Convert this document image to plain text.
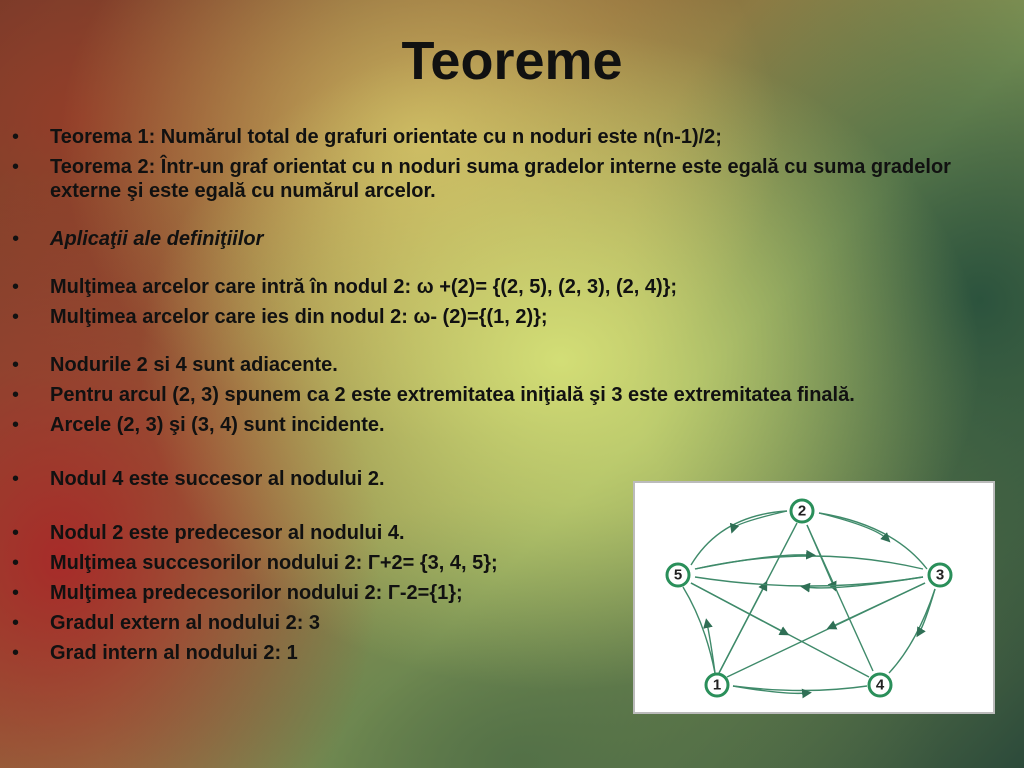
Teoreme
• Teorema 1: Numărul total de grafuri orientate cu n noduri este n(n-1)/2;
• Teorema 2: Într-un graf orientat cu n noduri suma gradelor interne este egală cu suma gradelor externe şi este egală cu numărul arcelor.
• Aplicaţii ale definiţiilor
• Mulţimea arcelor care intră în nodul 2: ω +(2)= {(2, 5), (2, 3), (2, 4)};
• Mulţimea arcelor care ies din nodul 2: ω- (2)={(1, 2)};
• Nodurile 2 si 4 sunt adiacente.
• Pentru arcul (2, 3) spunem ca 2 este extremitatea iniţială şi 3 este extremitatea finală.
• Arcele (2, 3) şi (3, 4) sunt incidente.
• Nodul 4 este succesor al nodului 2.
• Nodul 2 este predecesor al nodului 4.
• Mulţimea succesorilor nodului 2: Γ+2= {3, 4, 5};
• Mulţimea predecesorilor nodului 2: Γ-2={1};
• Gradul extern al nodului 2: 3
• Grad intern al nodului 2: 1
1
2
3
4
5
